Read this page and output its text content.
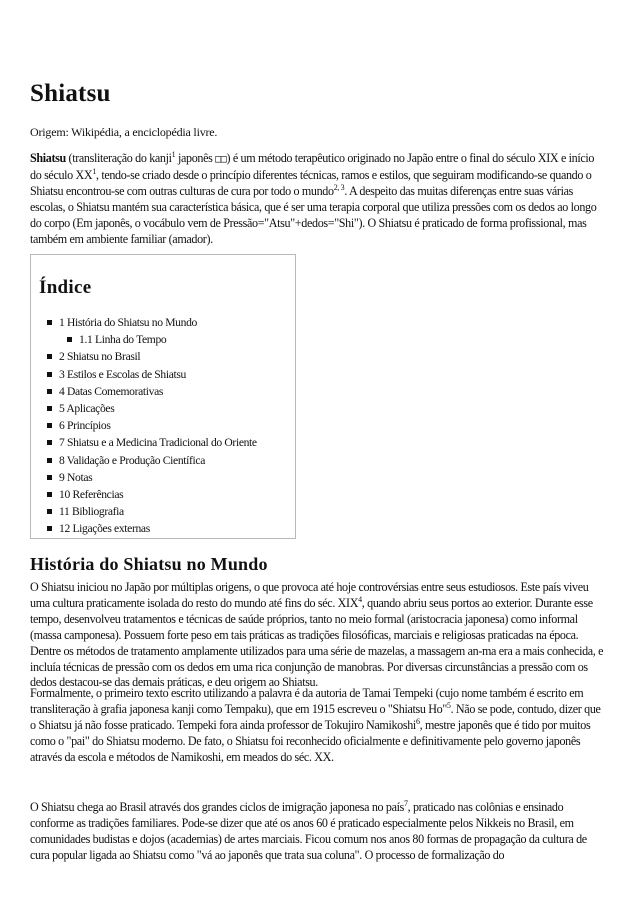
Shiatsu
Origem: Wikipédia, a enciclopédia livre.

Shiatsu (transliteração do kanji$^1$ japonês □□) é um método terapêutico originado no Japão entre o final do século XIX e início do século $XX^1$, tendo-se criado desde o princípio diferentes técnicas, ramos e estilos, que seguiram modificando-se quando o Shiatsu encontrou-se com outras culturas de cura por todo o mundo$^{2, 3}$. A despeito das muitas diferenças entre suas várias escolas, o Shiatsu mantém sua característica básica, que é ser uma terapia corporal que utiliza pressões com os dedos ao longo do corpo (Em japonês, o vocábulo vem de Pressão="Atsu"+dedos="Shi"). O Shiatsu é praticado de forma profissional, mas também em ambiente familiar (amador).

Índice
1 História do Shiatsu no Mundo
1.1 Linha do Tempo
2 Shiatsu no Brasil
3 Estilos e Escolas de Shiatsu
4 Datas Comemorativas
5 Aplicações
6 Princípios
7 Shiatsu e a Medicina Tradicional do Oriente
8 Validação e Produção Científica
9 Notas
10 Referências
11 Bibliografia
12 Ligações externas
História do Shiatsu no Mundo

O Shiatsu iniciou no Japão por múltiplas origens, o que provoca até hoje controvérsias entre seus estudiosos. Este país viveu uma cultura praticamente isolada do resto do mundo até fins do séc. XIX$^4$, quando abriu seus portos ao exterior. Durante esse tempo, desenvolveu tratamentos e técnicas de saúde próprios, tanto no meio formal (aristocracia japonesa) como informal (massa camponesa). Possuem forte peso em tais práticas as tradições filosóficas, marciais e religiosas praticadas na época. Dentre os métodos de tratamento amplamente utilizados para uma série de mazelas, a massagem an-ma era a mais conhecida, e incluía técnicas de pressão com os dedos em uma rica conjunção de manobras. Por diversas circunstâncias a pressão com os dedos destacou-se das demais práticas, e deu origem ao Shiatsu.

Formalmente, o primeiro texto escrito utilizando a palavra é da autoria de Tamai Tempeki (cujo nome também é escrito em transliteração à grafia japonesa kanji como Tempaku), que em 1915 escreveu o "Shiatsu Ho"$^5$. Não se pode, contudo, dizer que o Shiatsu já não fosse praticado. Tempeki fora ainda professor de Tokujiro Namikoshi$^6$, mestre japonês que é tido por muitos como o "pai" do Shiatsu moderno. De fato, o Shiatsu foi reconhecido oficialmente e definitivamente pelo governo japonês através da escola e métodos de Namikoshi, em meados do séc. XX.

O Shiatsu chega ao Brasil através dos grandes ciclos de imigração japonesa no país$^7$, praticado nas colônias e ensinado conforme as tradições familiares. Pode-se dizer que até os anos 60 é praticado especialmente pelos Nikkeis no Brasil, em comunidades budistas e dojos (academias) de artes marciais. Ficou comum nos anos 80 formas de propagação da cultura de cura popular ligada ao Shiatsu como "vá ao japonês que trata sua coluna". O processo de formalização do
